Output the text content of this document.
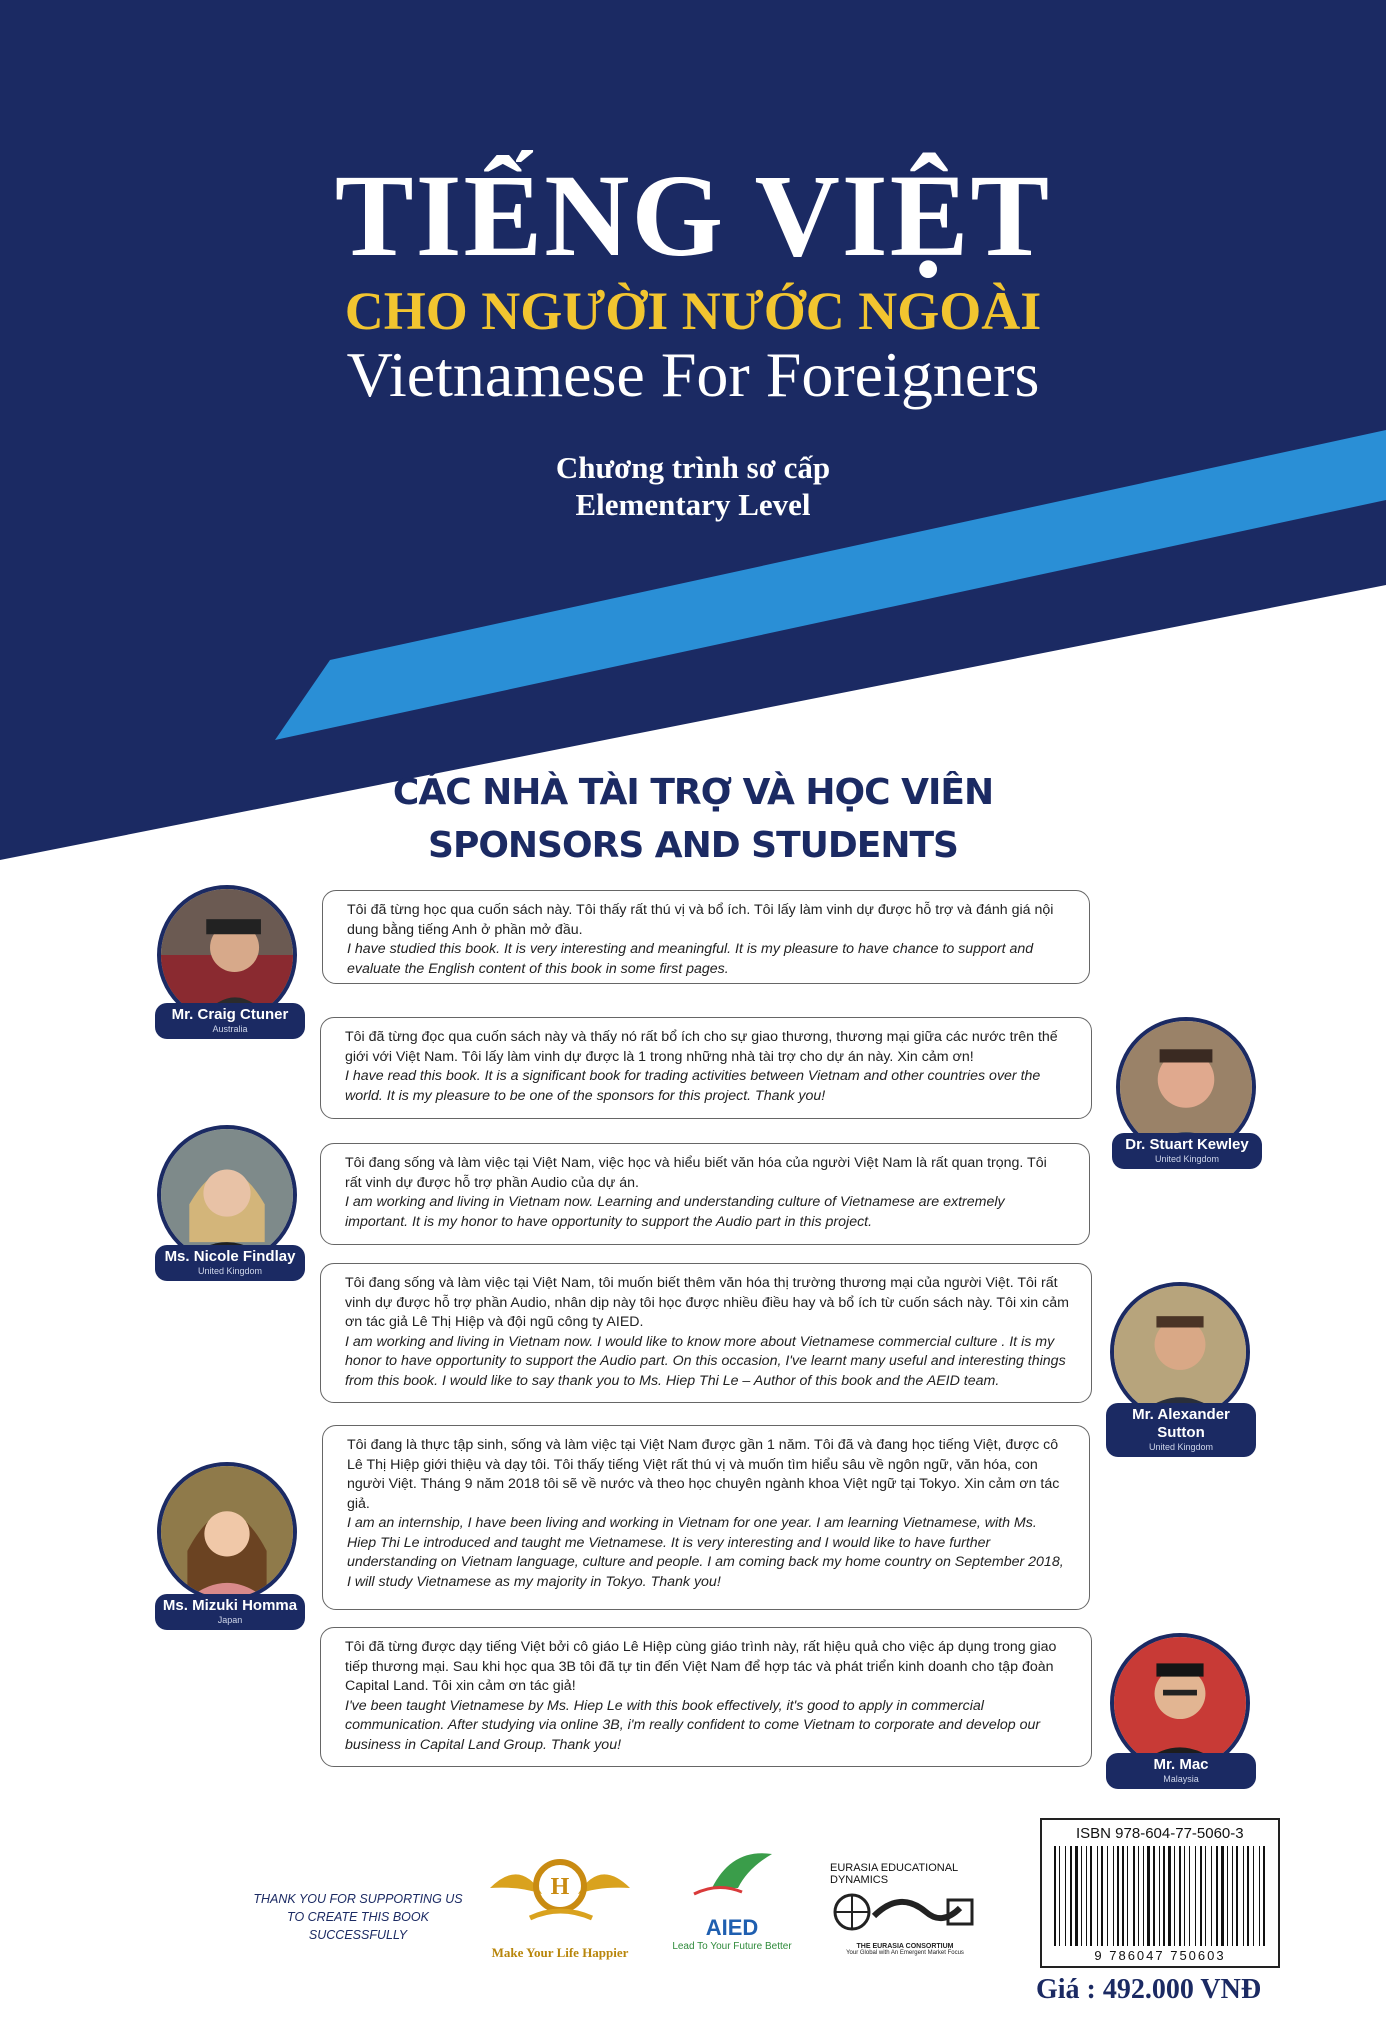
TIẾNG VIỆT
CHO NGƯỜI NƯỚC NGOÀI
Vietnamese For Foreigners
Chương trình sơ cấp
Elementary Level
CÁC NHÀ TÀI TRỢ VÀ HỌC VIÊN
SPONSORS AND STUDENTS
Mr. Craig Ctuner
Australia
Tôi đã từng học qua cuốn sách này. Tôi thấy rất thú vị và bổ ích. Tôi lấy làm vinh dự được hỗ trợ và đánh giá nội dung bằng tiếng Anh ở phần mở đầu.
I have studied this book. It is very interesting and meaningful. It is my pleasure to have chance to support and evaluate the English content of this book in some first pages.
Tôi đã từng đọc qua cuốn sách này và thấy nó rất bổ ích cho sự giao thương, thương mại giữa các nước trên thế giới với Việt Nam. Tôi lấy làm vinh dự được là 1 trong những nhà tài trợ cho dự án này. Xin cảm ơn!
I have read this book. It is a significant book for trading activities between Vietnam and other countries over the world. It is my pleasure to be one of the sponsors for this project. Thank you!
Dr. Stuart Kewley
United Kingdom
Ms. Nicole Findlay
United Kingdom
Tôi đang sống và làm việc tại Việt Nam, việc học và hiểu biết văn hóa của người Việt Nam là rất quan trọng. Tôi rất vinh dự được hỗ trợ phần Audio của dự án.
I am working and living in Vietnam now. Learning and understanding culture of Vietnamese are extremely important. It is my honor to have opportunity to support the Audio part in this project.
Tôi đang sống và làm việc tại Việt Nam, tôi muốn biết thêm văn hóa thị trường thương mại của người Việt. Tôi rất vinh dự được hỗ trợ phần Audio, nhân dịp này tôi học được nhiều điều hay và bổ ích từ cuốn sách này. Tôi xin cảm ơn tác giả Lê Thị Hiệp và đội ngũ công ty AIED.
I am working and living in Vietnam now. I would like to know more about Vietnamese commercial culture . It is my honor to have opportunity to support the Audio part. On this occasion, I've learnt many useful and interesting things from this book. I would like to say thank you to Ms. Hiep Thi Le – Author of this book and the AEID team.
Mr. Alexander Sutton
United Kingdom
Ms. Mizuki Homma
Japan
Tôi đang là thực tập sinh, sống và làm việc tại Việt Nam được gần 1 năm. Tôi đã và đang học tiếng Việt, được cô Lê Thị Hiệp giới thiệu và dạy tôi. Tôi thấy tiếng Việt rất thú vị và muốn tìm hiểu sâu về ngôn ngữ, văn hóa, con người Việt. Tháng 9 năm 2018 tôi sẽ về nước và theo học chuyên ngành khoa Việt ngữ tại Tokyo. Xin cảm ơn tác giả.
I am an internship, I have been living and working in Vietnam for one year. I am learning Vietnamese, with Ms. Hiep Thi Le introduced and taught me Vietnamese. It is very interesting and I would like to have further understanding on Vietnam language, culture and people. I am coming back my home country on September 2018, I will study Vietnamese as my majority in Tokyo. Thank you!
Tôi đã từng được dạy tiếng Việt bởi cô giáo Lê Hiệp cùng giáo trình này, rất hiệu quả cho việc áp dụng trong giao tiếp thương mại. Sau khi học qua 3B tôi đã tự tin đến Việt Nam để hợp tác và phát triển kinh doanh cho tập đoàn Capital Land. Tôi xin cảm ơn tác giả!
I've been taught Vietnamese by Ms. Hiep Le with this book effectively, it's good to apply in commercial communication. After studying via online 3B, i'm really confident to come Vietnam to corporate and develop our business in Capital Land Group. Thank you!
Mr. Mac
Malaysia
THANK YOU FOR SUPPORTING US TO CREATE THIS BOOK SUCCESSFULLY
H
Make Your Life Happier
AIED
Lead To Your Future Better
EURASIA EDUCATIONAL DYNAMICS
THE EURASIA CONSORTIUM
Your Global with An Emergent Market Focus
ISBN 978-604-77-5060-3
9 786047 750603
Giá : 492.000 VNĐ
